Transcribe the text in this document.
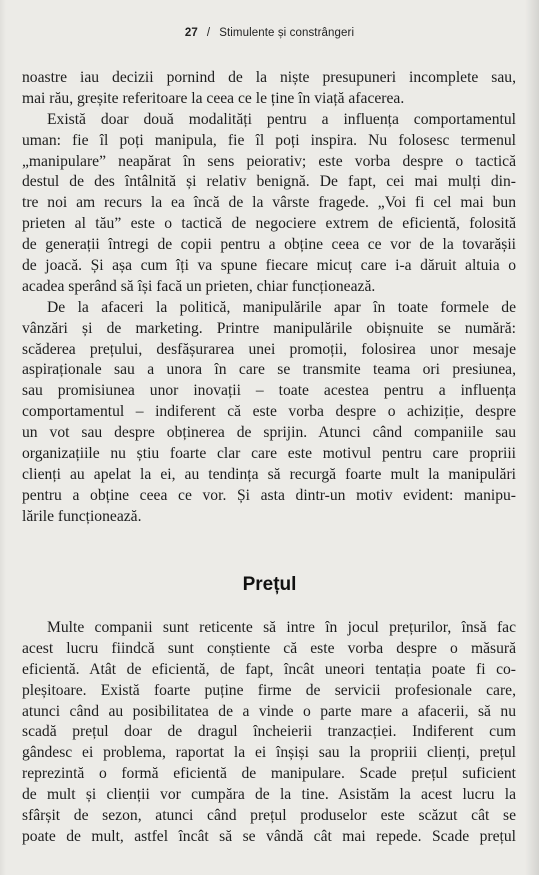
27 / Stimulente și constrângeri
noastre iau decizii pornind de la niște presupuneri incomplete sau,
mai rău, greșite referitoare la ceea ce le ține în viață afacerea.
Există doar două modalități pentru a influența comportamentul
uman: fie îl poți manipula, fie îl poți inspira. Nu folosesc termenul
„manipulare” neapărat în sens peiorativ; este vorba despre o tactică
destul de des întâlnită și relativ benignă. De fapt, cei mai mulți din-
tre noi am recurs la ea încă de la vârste fragede. „Voi fi cel mai bun
prieten al tău” este o tactică de negociere extrem de eficientă, folosită
de generații întregi de copii pentru a obține ceea ce vor de la tovarășii
de joacă. Și așa cum îți va spune fiecare micuț care i-a dăruit altuia o
acadea sperând să își facă un prieten, chiar funcționează.
De la afaceri la politică, manipulările apar în toate formele de
vânzări și de marketing. Printre manipulările obișnuite se numără:
scăderea prețului, desfășurarea unei promoții, folosirea unor mesaje
aspiraționale sau a unora în care se transmite teama ori presiunea,
sau promisiunea unor inovații – toate acestea pentru a influența
comportamentul – indiferent că este vorba despre o achiziție, despre
un vot sau despre obținerea de sprijin. Atunci când companiile sau
organizațiile nu știu foarte clar care este motivul pentru care propriii
clienți au apelat la ei, au tendința să recurgă foarte mult la manipulări
pentru a obține ceea ce vor. Și asta dintr-un motiv evident: manipu-
lările funcționează.
Prețul
Multe companii sunt reticente să intre în jocul prețurilor, însă fac
acest lucru fiindcă sunt conștiente că este vorba despre o măsură
eficientă. Atât de eficientă, de fapt, încât uneori tentația poate fi co-
pleșitoare. Există foarte puține firme de servicii profesionale care,
atunci când au posibilitatea de a vinde o parte mare a afacerii, să nu
scadă prețul doar de dragul încheierii tranzacției. Indiferent cum
gândesc ei problema, raportat la ei înșiși sau la propriii clienți, prețul
reprezintă o formă eficientă de manipulare. Scade prețul suficient
de mult și clienții vor cumpăra de la tine. Asistăm la acest lucru la
sfârșit de sezon, atunci când prețul produselor este scăzut cât se
poate de mult, astfel încât să se vândă cât mai repede. Scade prețul
